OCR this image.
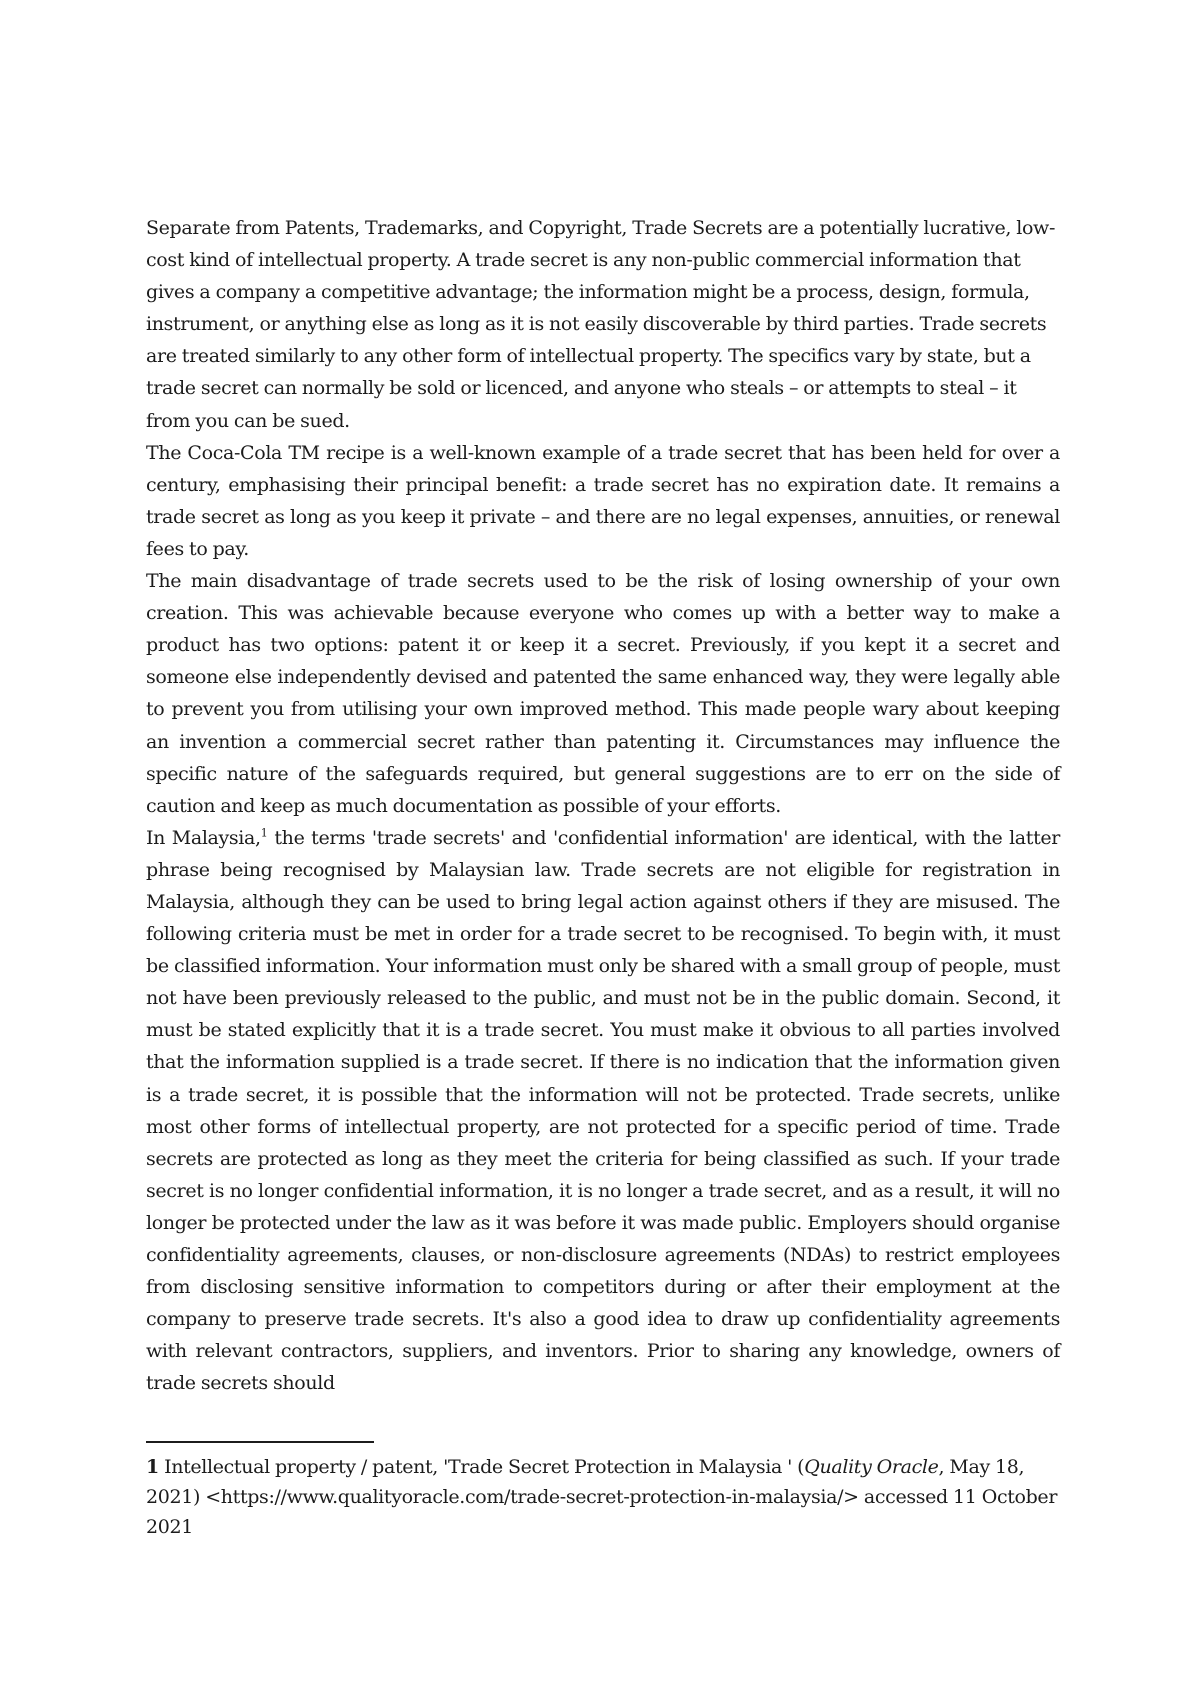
Separate from Patents, Trademarks, and Copyright, Trade Secrets are a potentially lucrative, low-cost kind of intellectual property. A trade secret is any non-public commercial information that gives a company a competitive advantage; the information might be a process, design, formula, instrument, or anything else as long as it is not easily discoverable by third parties. Trade secrets are treated similarly to any other form of intellectual property. The specifics vary by state, but a trade secret can normally be sold or licenced, and anyone who steals – or attempts to steal – it from you can be sued.

The Coca-Cola TM recipe is a well-known example of a trade secret that has been held for over a century, emphasising their principal benefit: a trade secret has no expiration date. It remains a trade secret as long as you keep it private – and there are no legal expenses, annuities, or renewal fees to pay.

The main disadvantage of trade secrets used to be the risk of losing ownership of your own creation. This was achievable because everyone who comes up with a better way to make a product has two options: patent it or keep it a secret. Previously, if you kept it a secret and someone else independently devised and patented the same enhanced way, they were legally able to prevent you from utilising your own improved method. This made people wary about keeping an invention a commercial secret rather than patenting it. Circumstances may influence the specific nature of the safeguards required, but general suggestions are to err on the side of caution and keep as much documentation as possible of your efforts.

In Malaysia,$^1$ the terms 'trade secrets' and 'confidential information' are identical, with the latter phrase being recognised by Malaysian law. Trade secrets are not eligible for registration in Malaysia, although they can be used to bring legal action against others if they are misused. The following criteria must be met in order for a trade secret to be recognised. To begin with, it must be classified information. Your information must only be shared with a small group of people, must not have been previously released to the public, and must not be in the public domain. Second, it must be stated explicitly that it is a trade secret. You must make it obvious to all parties involved that the information supplied is a trade secret. If there is no indication that the information given is a trade secret, it is possible that the information will not be protected. Trade secrets, unlike most other forms of intellectual property, are not protected for a specific period of time. Trade secrets are protected as long as they meet the criteria for being classified as such. If your trade secret is no longer confidential information, it is no longer a trade secret, and as a result, it will no longer be protected under the law as it was before it was made public. Employers should organise confidentiality agreements, clauses, or non-disclosure agreements (NDAs) to restrict employees from disclosing sensitive information to competitors during or after their employment at the company to preserve trade secrets. It's also a good idea to draw up confidentiality agreements with relevant contractors, suppliers, and inventors. Prior to sharing any knowledge, owners of trade secrets should

1 Intellectual property / patent, 'Trade Secret Protection in Malaysia ' (Quality Oracle, May 18, 2021) <https://www.qualityoracle.com/trade-secret-protection-in-malaysia/> accessed 11 October 2021
